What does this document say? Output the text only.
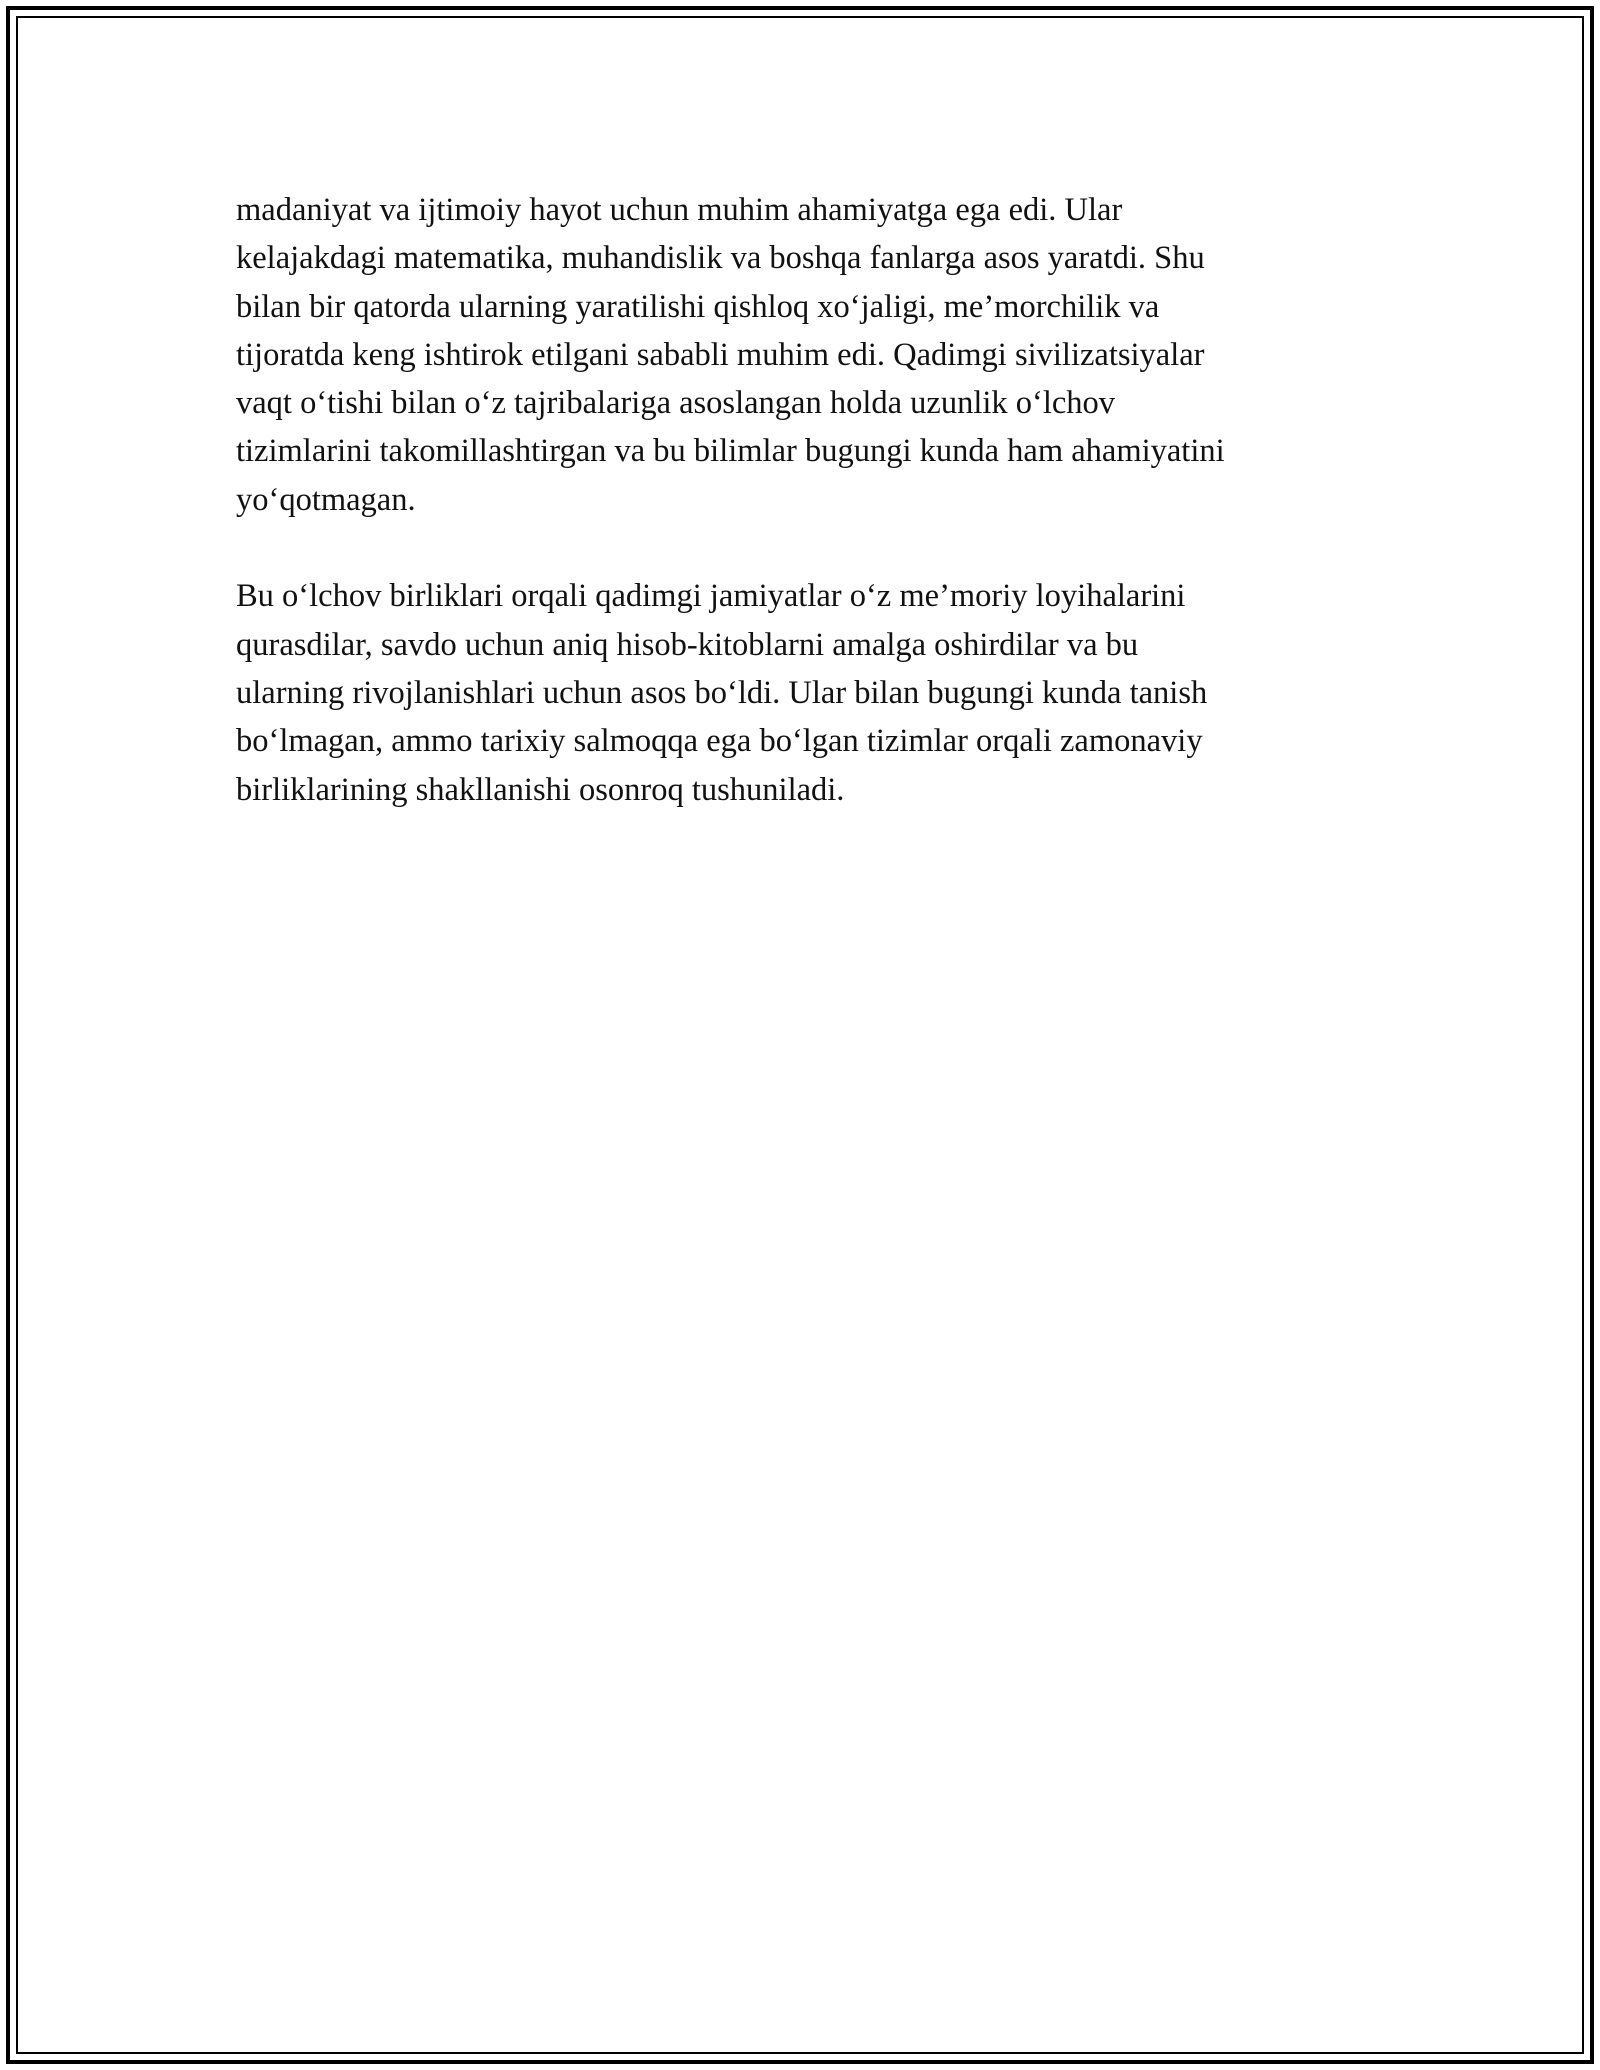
madaniyat va ijtimoiy hayot uchun muhim ahamiyatga ega edi. Ular
kelajakdagi matematika, muhandislik va boshqa fanlarga asos yaratdi. Shu
bilan bir qatorda ularning yaratilishi qishloq xo‘jaligi, me’morchilik va
tijoratda keng ishtirok etilgani sababli muhim edi. Qadimgi sivilizatsiyalar
vaqt o‘tishi bilan o‘z tajribalariga asoslangan holda uzunlik o‘lchov
tizimlarini takomillashtirgan va bu bilimlar bugungi kunda ham ahamiyatini
yo‘qotmagan.

Bu o‘lchov birliklari orqali qadimgi jamiyatlar o‘z me’moriy loyihalarini
qurasdilar, savdo uchun aniq hisob-kitoblarni amalga oshirdilar va bu
ularning rivojlanishlari uchun asos bo‘ldi. Ular bilan bugungi kunda tanish
bo‘lmagan, ammo tarixiy salmoqqa ega bo‘lgan tizimlar orqali zamonaviy
birliklarining shakllanishi osonroq tushuniladi.
